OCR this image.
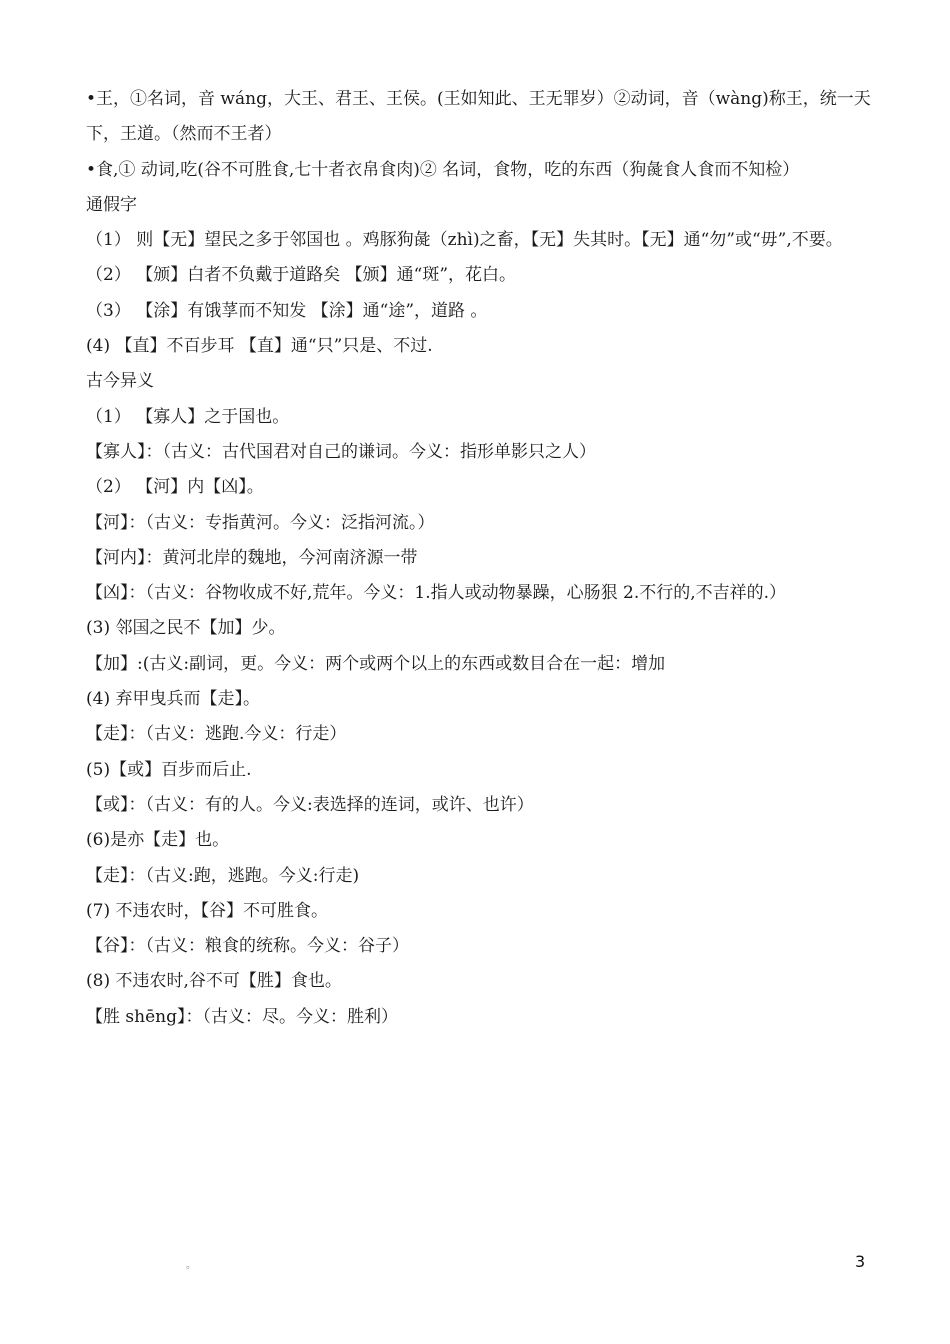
•王，①名词，音 wáng，大王、君王、王侯。(王如知此、王无罪岁）②动词，音（wàng)称王，统一天下，王道。（然而不王者）
•食,① 动词,吃(谷不可胜食,七十者衣帛食肉)② 名词，食物，吃的东西（狗彘食人食而不知检）
通假字
（1） 则【无】望民之多于邻国也 。鸡豚狗彘（zhì)之畜，【无】失其时。【无】通“勿”或“毋”,不要。
（2） 【颁】白者不负戴于道路矣 【颁】通“斑”，花白。
（3） 【涂】有饿莩而不知发 【涂】通“途”，道路 。
(4) 【直】不百步耳 【直】通“只”只是、不过.
古今异义
（1） 【寡人】之于国也。
【寡人】：（古义：古代国君对自己的谦词。今义：指形单影只之人）
（2） 【河】内【凶】。
【河】：（古义：专指黄河。今义：泛指河流。）
【河内】：黄河北岸的魏地，今河南济源一带
【凶】：（古义：谷物收成不好,荒年。今义：1.指人或动物暴躁，心肠狠 2.不行的,不吉祥的.）
(3) 邻国之民不【加】少。
【加】:(古义:副词，更。今义：两个或两个以上的东西或数目合在一起：增加
(4) 弃甲曳兵而【走】。
【走】：（古义：逃跑.今义：行走）
(5)【或】百步而后止.
【或】：（古义：有的人。今义:表选择的连词，或许、也许）
(6)是亦【走】也。
【走】：（古义:跑，逃跑。今义:行走)
(7) 不违农时，【谷】不可胜食。
【谷】：（古义：粮食的统称。今义：谷子）
(8) 不违农时,谷不可【胜】食也。
【胜 shēng】：（古义：尽。今义：胜利）
。	3
